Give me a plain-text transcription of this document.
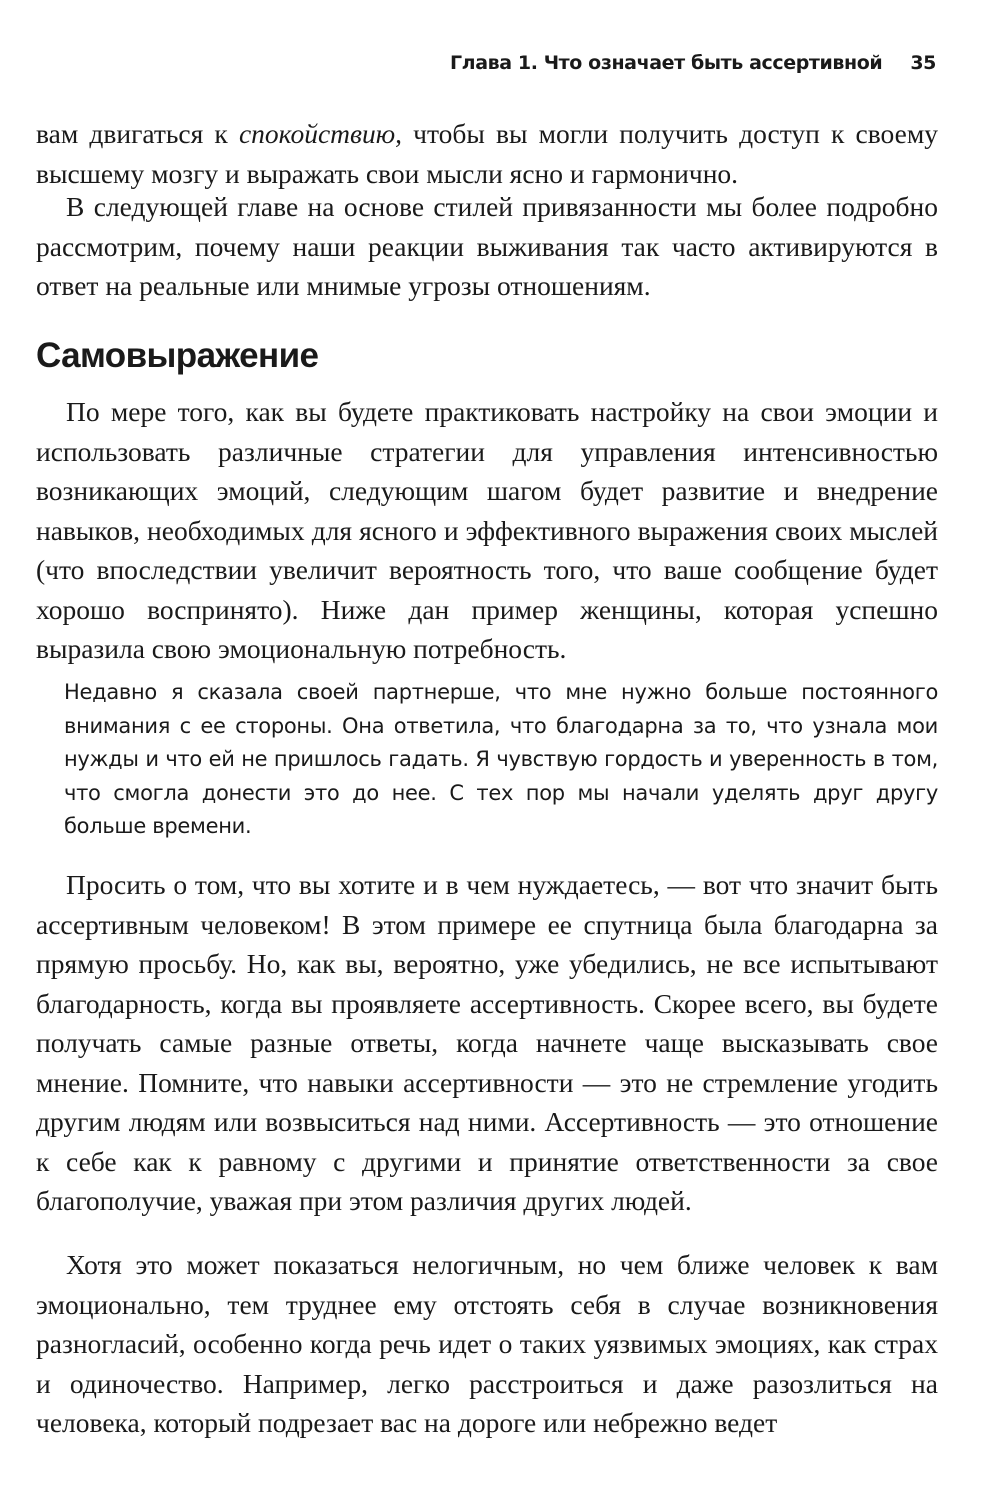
Глава 1. Что означает быть ассертивной 35

вам двигаться к спокойствию, чтобы вы могли получить доступ к своему высшему мозгу и выражать свои мысли ясно и гармонично.

В следующей главе на основе стилей привязанности мы более подробно рассмотрим, почему наши реакции выживания так часто активируются в ответ на реальные или мнимые угрозы отношениям.

Самовыражение

По мере того, как вы будете практиковать настройку на свои эмоции и использовать различные стратегии для управления интенсивностью возникающих эмоций, следующим шагом будет развитие и внедрение навыков, необходимых для ясного и эффективного выражения своих мыслей (что впоследствии увеличит вероятность того, что ваше сообщение будет хорошо воспринято). Ниже дан пример женщины, которая успешно выразила свою эмоциональную потребность.

Недавно я сказала своей партнерше, что мне нужно больше постоянного внимания с ее стороны. Она ответила, что благодарна за то, что узнала мои нужды и что ей не пришлось гадать. Я чувствую гордость и уверенность в том, что смогла донести это до нее. С тех пор мы начали уделять друг другу больше времени.

Просить о том, что вы хотите и в чем нуждаетесь, — вот что значит быть ассертивным человеком! В этом примере ее спутница была благодарна за прямую просьбу. Но, как вы, вероятно, уже убедились, не все испытывают благодарность, когда вы проявляете ассертивность. Скорее всего, вы будете получать самые разные ответы, когда начнете чаще высказывать свое мнение. Помните, что навыки ассертивности — это не стремление угодить другим людям или возвыситься над ними. Ассертивность — это отношение к себе как к равному с другими и принятие ответственности за свое благополучие, уважая при этом различия других людей.

Хотя это может показаться нелогичным, но чем ближе человек к вам эмоционально, тем труднее ему отстоять себя в случае возникновения разногласий, особенно когда речь идет о таких уязвимых эмоциях, как страх и одиночество. Например, легко расстроиться и даже разозлиться на человека, который подрезает вас на дороге или небрежно ведет
